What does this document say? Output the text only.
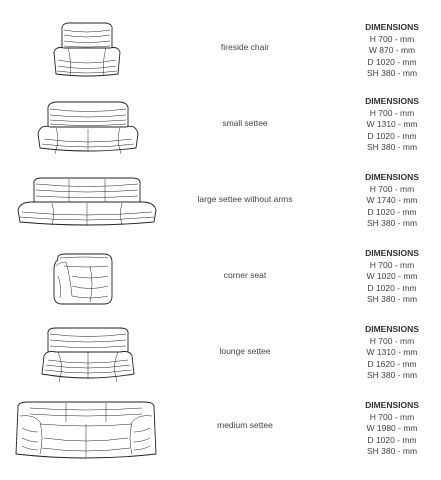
fireside chair
DIMENSIONS
H 700 - mm
W 870 - mm
D 1020 - mm
SH 380 - mm
small settee
DIMENSIONS
H 700 - mm
W 1310 - mm
D 1020 - mm
SH 380 - mm
large settee without arms
DIMENSIONS
H 700 - mm
W 1740 - mm
D 1020 - mm
SH 380 - mm
corner seat
DIMENSIONS
H 700 - mm
W 1020 - mm
D 1020 - mm
SH 380 - mm
lounge settee
DIMENSIONS
H 700 - mm
W 1310 - mm
D 1620 - mm
SH 380 - mm
medium settee
DIMENSIONS
H 700 - mm
W 1980 - mm
D 1020 - mm
SH 380 - mm
